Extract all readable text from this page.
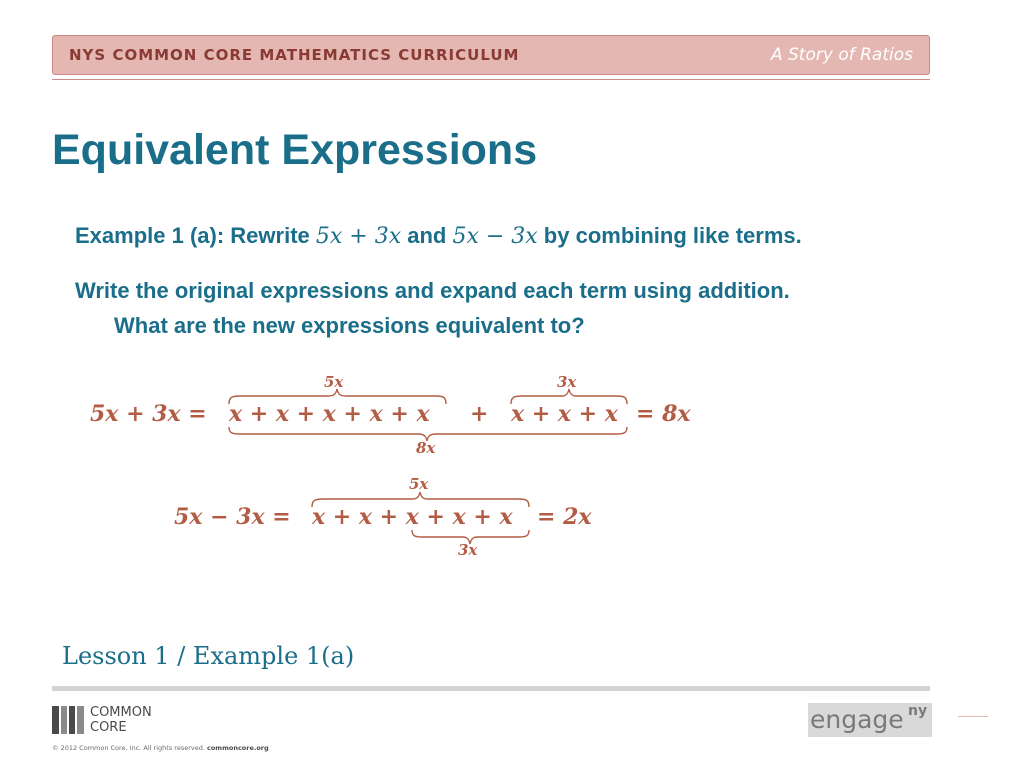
NYS COMMON CORE MATHEMATICS CURRICULUM	A Story of Ratios
Equivalent Expressions
Example 1 (a): Rewrite 5x + 3x and 5x − 3x by combining like terms.
Write the original expressions and expand each term using addition.
What are the new expressions equivalent to?
5x + 3x = x + x + x + x + x + x + x + x = 8x
5x	3x
8x
5x − 3x = x + x + x + x + x = 2x
5x
3x
Lesson 1 / Example 1(a)
COMMON
CORE
© 2012 Common Core, Inc. All rights reserved. commoncore.org
engage ny
